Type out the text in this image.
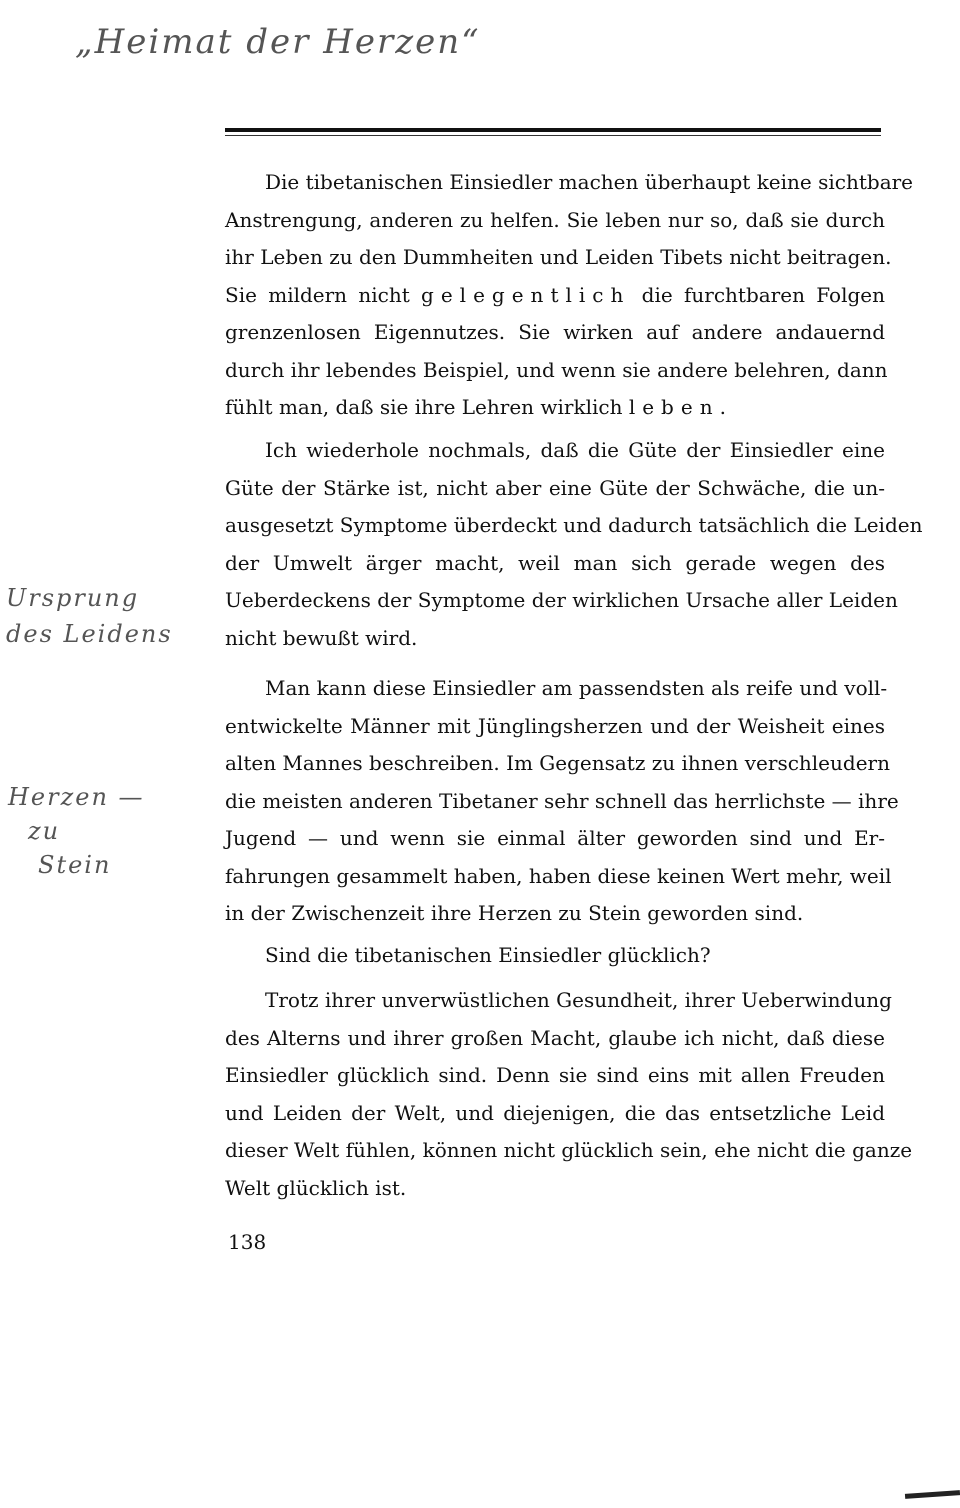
„Heimat der Herzen“
Ursprung
des Leidens
Herzen —
zu
Stein
Die tibetanischen Einsiedler machen überhaupt keine sichtbare
Anstrengung, anderen zu helfen. Sie leben nur so, daß sie durch
ihr Leben zu den Dummheiten und Leiden Tibets nicht beitragen.
Sie mildern nicht gelegentlich die furchtbaren Folgen
grenzenlosen Eigennutzes. Sie wirken auf andere andauernd
durch ihr lebendes Beispiel, und wenn sie andere belehren, dann
fühlt man, daß sie ihre Lehren wirklich leben.
Ich wiederhole nochmals, daß die Güte der Einsiedler eine
Güte der Stärke ist, nicht aber eine Güte der Schwäche, die un-
ausgesetzt Symptome überdeckt und dadurch tatsächlich die Leiden
der Umwelt ärger macht, weil man sich gerade wegen des
Ueberdeckens der Symptome der wirklichen Ursache aller Leiden
nicht bewußt wird.
Man kann diese Einsiedler am passendsten als reife und voll-
entwickelte Männer mit Jünglingsherzen und der Weisheit eines
alten Mannes beschreiben. Im Gegensatz zu ihnen verschleudern
die meisten anderen Tibetaner sehr schnell das herrlichste — ihre
Jugend — und wenn sie einmal älter geworden sind und Er-
fahrungen gesammelt haben, haben diese keinen Wert mehr, weil
in der Zwischenzeit ihre Herzen zu Stein geworden sind.
Sind die tibetanischen Einsiedler glücklich?
Trotz ihrer unverwüstlichen Gesundheit, ihrer Ueberwindung
des Alterns und ihrer großen Macht, glaube ich nicht, daß diese
Einsiedler glücklich sind. Denn sie sind eins mit allen Freuden
und Leiden der Welt, und diejenigen, die das entsetzliche Leid
dieser Welt fühlen, können nicht glücklich sein, ehe nicht die ganze
Welt glücklich ist.
138
